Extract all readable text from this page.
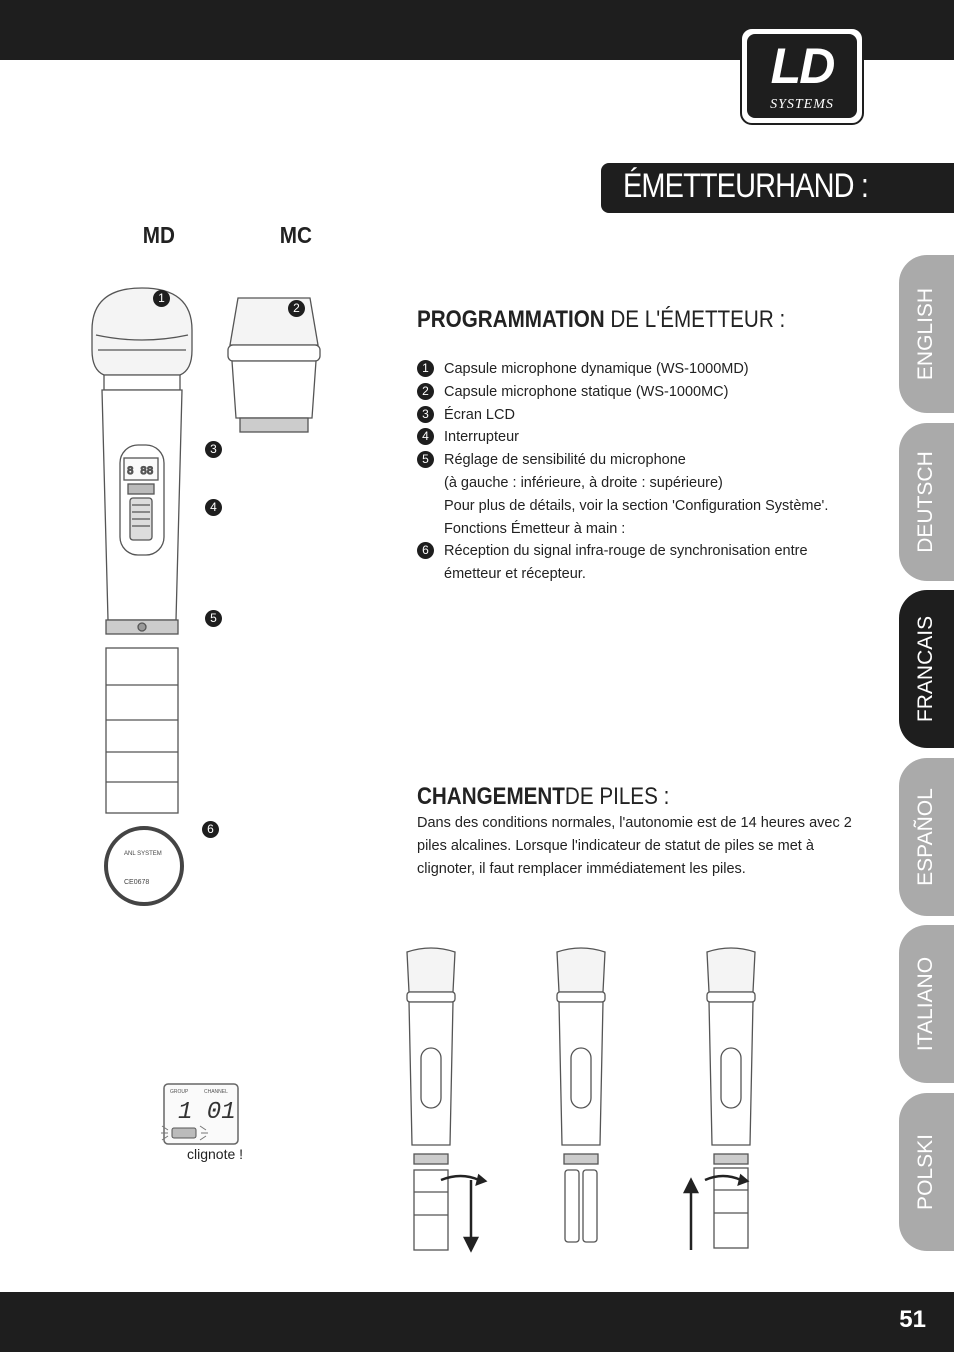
LD
SYSTEMS
ÉMETTEURHAND :
MD	MC
8 88
ANL SYSTEM
CE0678
1
2
3
4
5
6
PROGRAMMATION DE L'ÉMETTEUR :
1	Capsule microphone dynamique (WS-1000MD)
2	Capsule microphone statique (WS-1000MC)
3	Écran LCD
4	Interrupteur
5	Réglage de sensibilité du microphone
(à gauche : inférieure, à droite : supérieure)
Pour plus de détails, voir la section 'Configuration Système'.
Fonctions Émetteur à main :
6	Réception du signal infra-rouge de synchronisation entre
émetteur et récepteur.
CHANGEMENTDE PILES :
Dans des conditions normales, l'autonomie est de 14 heures avec 2 piles alcalines. Lorsque l'indicateur de statut de piles se met à clignoter, il faut remplacer immédiatement les piles.
GROUP	CHANNEL
1 01
clignote !
ENGLISH
DEUTSCH
FRANCAIS
ESPAÑOL
ITALIANO
POLSKI
51
